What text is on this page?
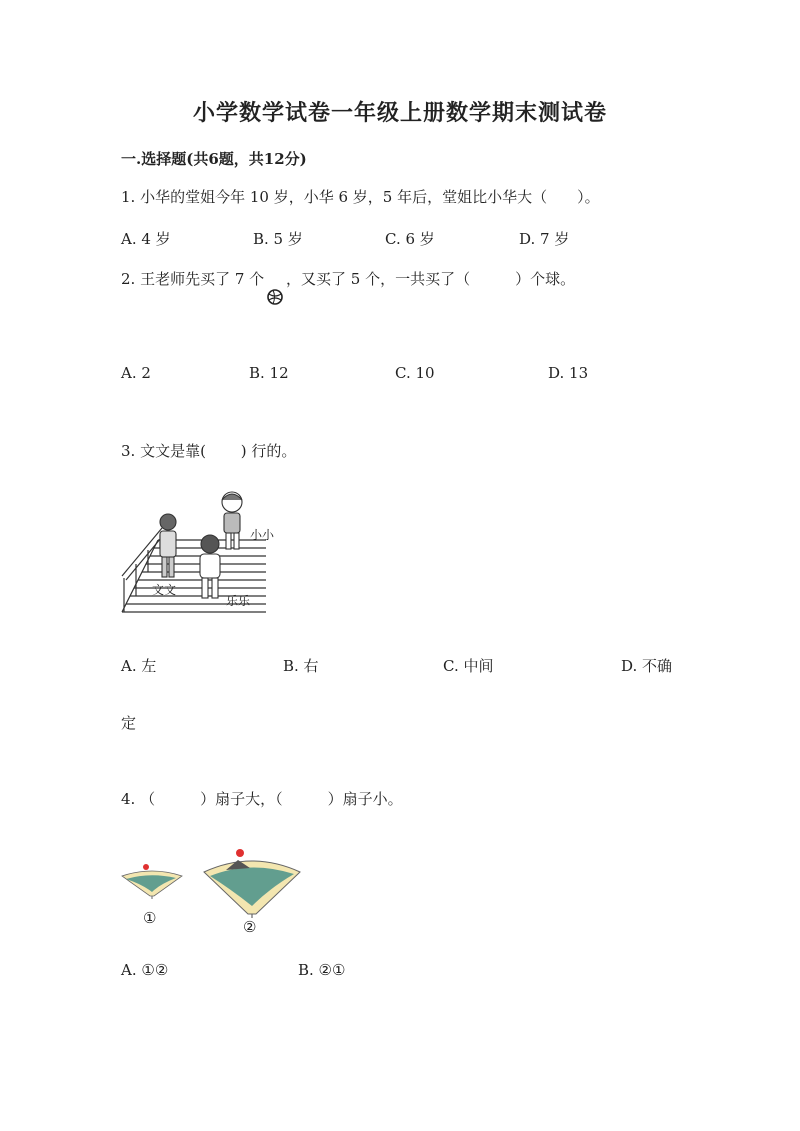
小学数学试卷一年级上册数学期末测试卷
一.选择题(共6题，共12分)
1. 小华的堂姐今年 10 岁，小华 6 岁，5 年后，堂姐比小华大（　　）。
A. 4 岁	B. 5 岁	C. 6 岁	D. 7 岁
2. 王老师先买了 7 个 ，又买了 5 个，一共买了（　　　）个球。
A. 2	B. 12	C. 10	D. 13
3. 文文是靠(　　 ) 行的。
小小
文文
乐乐
A. 左	B. 右	C. 中间	D. 不确
定
4. （　　　）扇子大，（　　　）扇子小。
①	②
A. ①②	B. ②①
